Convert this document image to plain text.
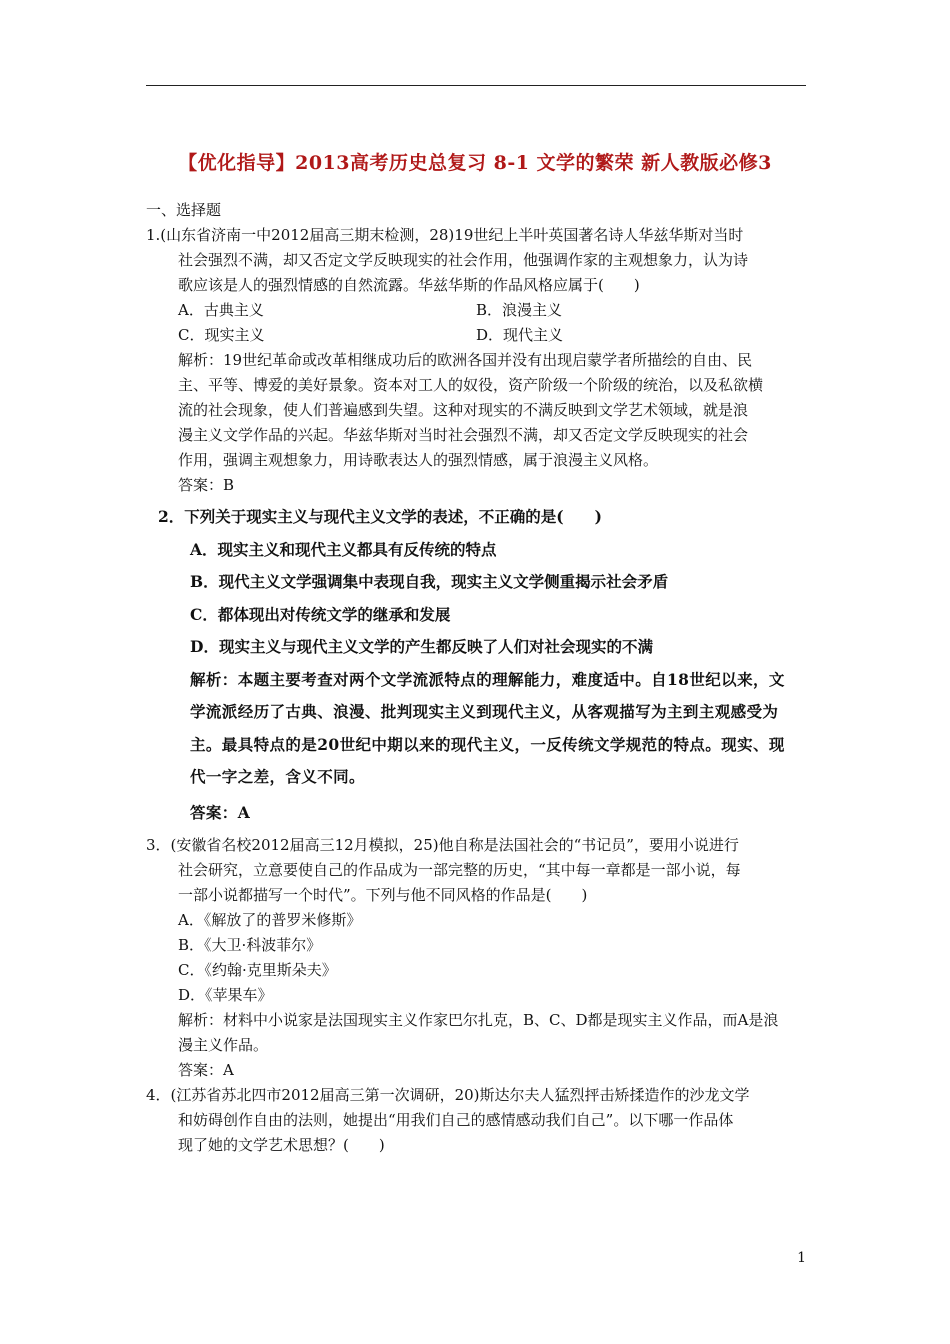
【优化指导】2013高考历史总复习 8-1 文学的繁荣 新人教版必修3
一、选择题
1.(山东省济南一中2012届高三期末检测，28)19世纪上半叶英国著名诗人华兹华斯对当时
社会强烈不满，却又否定文学反映现实的社会作用，他强调作家的主观想象力，认为诗
歌应该是人的强烈情感的自然流露。华兹华斯的作品风格应属于(　　)
A．古典主义	B．浪漫主义
C．现实主义	D．现代主义
解析：19世纪革命或改革相继成功后的欧洲各国并没有出现启蒙学者所描绘的自由、民
主、平等、博爱的美好景象。资本对工人的奴役，资产阶级一个阶级的统治，以及私欲横
流的社会现象，使人们普遍感到失望。这种对现实的不满反映到文学艺术领域，就是浪
漫主义文学作品的兴起。华兹华斯对当时社会强烈不满，却又否定文学反映现实的社会
作用，强调主观想象力，用诗歌表达人的强烈情感，属于浪漫主义风格。
答案：B
2．下列关于现实主义与现代主义文学的表述，不正确的是(　　)
A．现实主义和现代主义都具有反传统的特点
B．现代主义文学强调集中表现自我，现实主义文学侧重揭示社会矛盾
C．都体现出对传统文学的继承和发展
D．现实主义与现代主义文学的产生都反映了人们对社会现实的不满
解析：本题主要考查对两个文学流派特点的理解能力，难度适中。自18世纪以来，文
学流派经历了古典、浪漫、批判现实主义到现代主义，从客观描写为主到主观感受为
主。最具特点的是20世纪中期以来的现代主义，一反传统文学规范的特点。现实、现
代一字之差，含义不同。
答案：A
3．(安徽省名校2012届高三12月模拟，25)他自称是法国社会的“书记员”，要用小说进行
社会研究，立意要使自己的作品成为一部完整的历史，“其中每一章都是一部小说，每
一部小说都描写一个时代”。下列与他不同风格的作品是(　　)
A．《解放了的普罗米修斯》
B．《大卫·科波菲尔》
C．《约翰·克里斯朵夫》
D．《苹果车》
解析：材料中小说家是法国现实主义作家巴尔扎克，B、C、D都是现实主义作品，而A是浪
漫主义作品。
答案：A
4．(江苏省苏北四市2012届高三第一次调研，20)斯达尔夫人猛烈抨击矫揉造作的沙龙文学
和妨碍创作自由的法则，她提出“用我们自己的感情感动我们自己”。以下哪一作品体
现了她的文学艺术思想？(　　)
1
